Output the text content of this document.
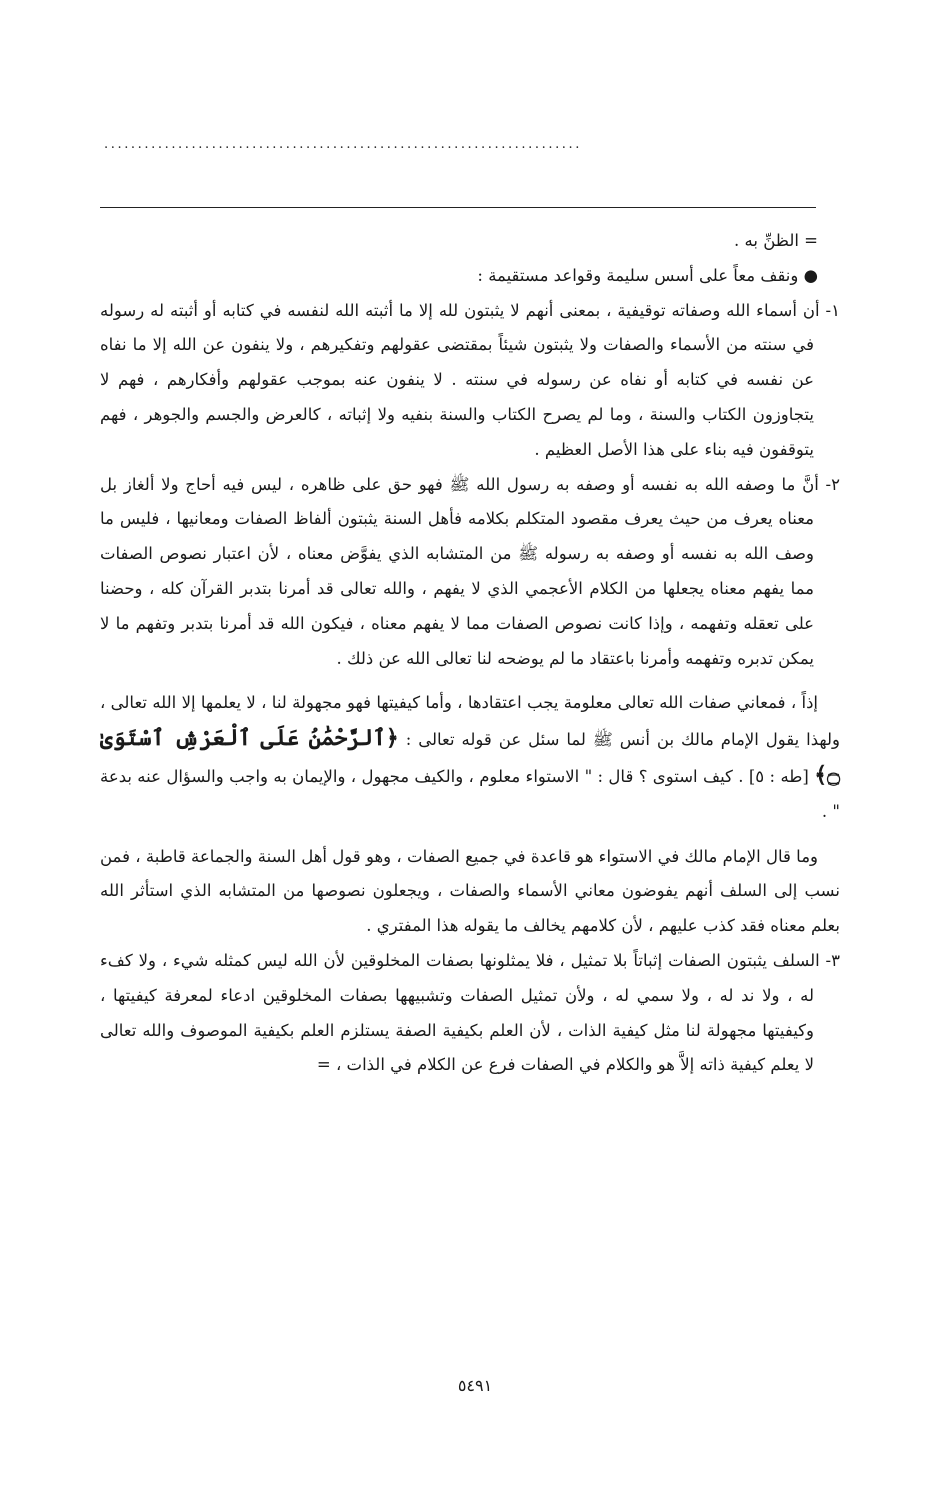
.......................................................................

= الظنِّ به .

● ونقف معاً على أسس سليمة وقواعد مستقيمة :

١- أن أسماء الله وصفاته توقيفية ، بمعنى أنهم لا يثبتون لله إلا ما أثبته الله لنفسه في كتابه أو أثبته له رسوله في سنته من الأسماء والصفات ولا يثبتون شيئاً بمقتضى عقولهم وتفكيرهم ، ولا ينفون عن الله إلا ما نفاه عن نفسه في كتابه أو نفاه عن رسوله في سنته . لا ينفون عنه بموجب عقولهم وأفكارهم ، فهم لا يتجاوزون الكتاب والسنة ، وما لم يصرح الكتاب والسنة بنفيه ولا إثباته ، كالعرض والجسم والجوهر ، فهم يتوقفون فيه بناء على هذا الأصل العظيم .

٢- أنَّ ما وصفه الله به نفسه أو وصفه به رسول الله ﷺ فهو حق على ظاهره ، ليس فيه أحاج ولا ألغاز بل معناه يعرف من حيث يعرف مقصود المتكلم بكلامه فأهل السنة يثبتون ألفاظ الصفات ومعانيها ، فليس ما وصف الله به نفسه أو وصفه به رسوله ﷺ من المتشابه الذي يفوَّض معناه ، لأن اعتبار نصوص الصفات مما يفهم معناه يجعلها من الكلام الأعجمي الذي لا يفهم ، والله تعالى قد أمرنا بتدبر القرآن كله ، وحضنا على تعقله وتفهمه ، وإذا كانت نصوص الصفات مما لا يفهم معناه ، فيكون الله قد أمرنا بتدبر وتفهم ما لا يمكن تدبره وتفهمه وأمرنا باعتقاد ما لم يوضحه لنا تعالى الله عن ذلك .

إذاً ، فمعاني صفات الله تعالى معلومة يجب اعتقادها ، وأما كيفيتها فهو مجهولة لنا ، لا يعلمها إلا الله تعالى ، ولهذا يقول الإمام مالك بن أنس ﷺ لما سئل عن قوله تعالى : ﴿ٱلرَّحْمَٰنُ عَلَى ٱلْعَرْشِ ٱسْتَوَىٰ ۝﴾ [طه : ٥] . كيف استوى ؟ قال : " الاستواء معلوم ، والكيف مجهول ، والإيمان به واجب والسؤال عنه بدعة " .

وما قال الإمام مالك في الاستواء هو قاعدة في جميع الصفات ، وهو قول أهل السنة والجماعة قاطبة ، فمن نسب إلى السلف أنهم يفوضون معاني الأسماء والصفات ، ويجعلون نصوصها من المتشابه الذي استأثر الله بعلم معناه فقد كذب عليهم ، لأن كلامهم يخالف ما يقوله هذا المفتري .

٣- السلف يثبتون الصفات إثباتاً بلا تمثيل ، فلا يمثلونها بصفات المخلوقين لأن الله ليس كمثله شيء ، ولا كفء له ، ولا ند له ، ولا سمي له ، ولأن تمثيل الصفات وتشبيهها بصفات المخلوقين ادعاء لمعرفة كيفيتها ، وكيفيتها مجهولة لنا مثل كيفية الذات ، لأن العلم بكيفية الصفة يستلزم العلم بكيفية الموصوف والله تعالى لا يعلم كيفية ذاته إلاَّ هو والكلام في الصفات فرع عن الكلام في الذات ، =

٥٤٩١
